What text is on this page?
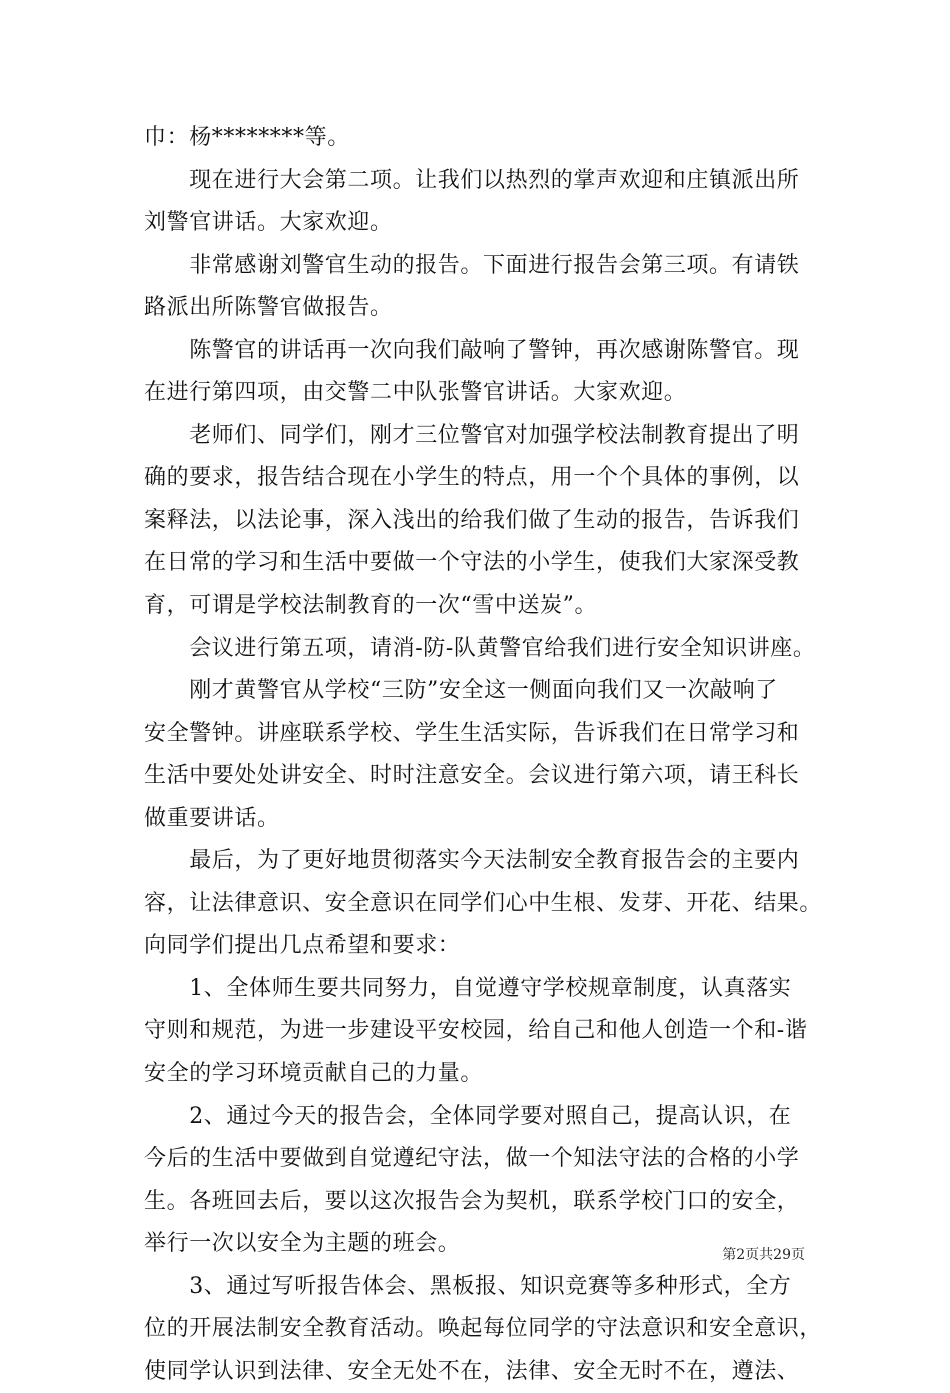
巾：杨********等。
　　现在进行大会第二项。让我们以热烈的掌声欢迎和庄镇派出所
刘警官讲话。大家欢迎。
　　非常感谢刘警官生动的报告。下面进行报告会第三项。有请铁
路派出所陈警官做报告。
　　陈警官的讲话再一次向我们敲响了警钟，再次感谢陈警官。现
在进行第四项，由交警二中队张警官讲话。大家欢迎。
　　老师们、同学们，刚才三位警官对加强学校法制教育提出了明
确的要求，报告结合现在小学生的特点，用一个个具体的事例，以
案释法，以法论事，深入浅出的给我们做了生动的报告，告诉我们
在日常的学习和生活中要做一个守法的小学生，使我们大家深受教
育，可谓是学校法制教育的一次“雪中送炭”。
　　会议进行第五项，请消-防-队黄警官给我们进行安全知识讲座。
　　刚才黄警官从学校“三防”安全这一侧面向我们又一次敲响了
安全警钟。讲座联系学校、学生生活实际，告诉我们在日常学习和
生活中要处处讲安全、时时注意安全。会议进行第六项，请王科长
做重要讲话。
　　最后，为了更好地贯彻落实今天法制安全教育报告会的主要内
容，让法律意识、安全意识在同学们心中生根、发芽、开花、结果。
向同学们提出几点希望和要求：
　　1、全体师生要共同努力，自觉遵守学校规章制度，认真落实
守则和规范，为进一步建设平安校园，给自己和他人创造一个和-谐
安全的学习环境贡献自己的力量。
　　2、通过今天的报告会，全体同学要对照自己，提高认识，在
今后的生活中要做到自觉遵纪守法，做一个知法守法的合格的小学
生。各班回去后，要以这次报告会为契机，联系学校门口的安全，
举行一次以安全为主题的班会。
　　3、通过写听报告体会、黑板报、知识竞赛等多种形式，全方
位的开展法制安全教育活动。唤起每位同学的守法意识和安全意识，
使同学认识到法律、安全无处不在，法律、安全无时不在，遵法、
第2页共29页
